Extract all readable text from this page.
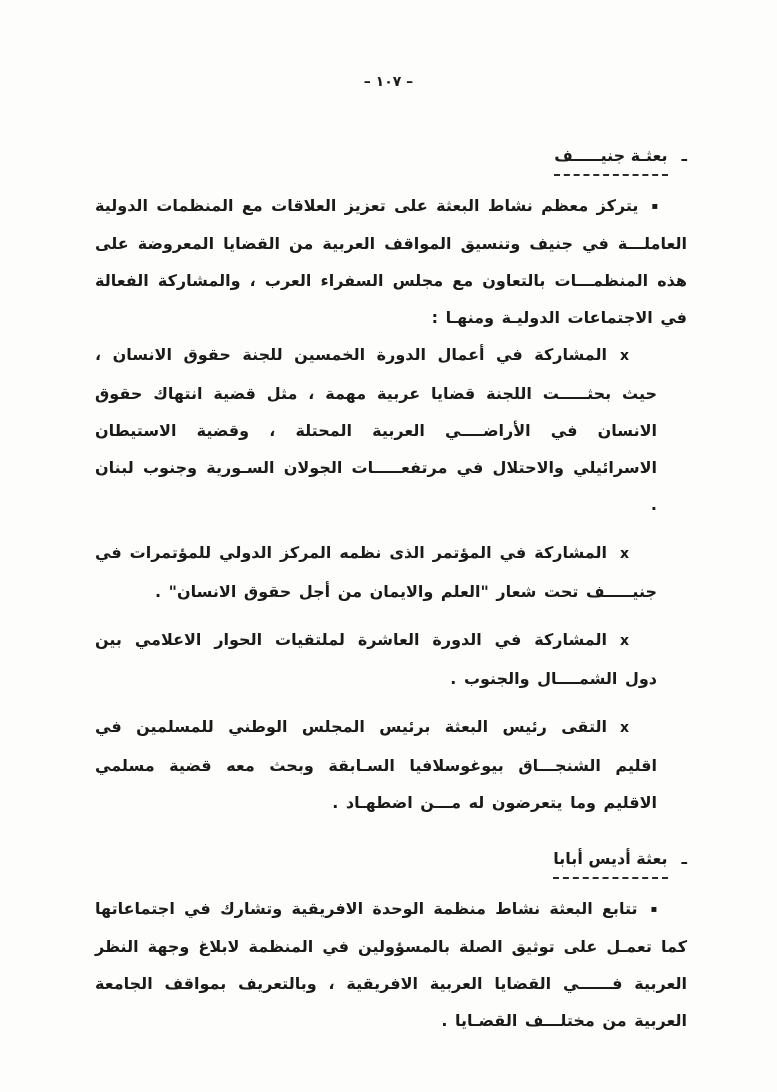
– ١٠٧ –
ـبعثـة جنيـــــف

▪يتركز معظم نشاط البعثة على تعزيز العلاقات مع المنظمات الدولية العاملـــة في جنيف وتنسيق المواقف العربية من القضايا المعروضة على هذه المنظمـــات بالتعاون مع مجلس السفراء العرب ، والمشاركة الفعالة في الاجتماعات الدوليـة ومنهـا :

xالمشاركة في أعمال الدورة الخمسين للجنة حقوق الانسان ، حيث بحثـــــت اللجنة قضايا عربية مهمة ، مثل قضية انتهاك حقوق الانسان في الأراضــــي العربية المحتلة ، وقضية الاستيطان الاسرائيلي والاحتلال في مرتفعـــــات الجولان السـورية وجنوب لبنان .

xالمشاركة في المؤتمر الذى نظمه المركز الدولي للمؤتمرات في جنيـــــف تحت شعار "العلم والايمان من أجل حقوق الانسان" .

xالمشاركة في الدورة العاشرة لملتقيات الحوار الاعلامي بين دول الشمــــال والجنوب .

xالتقى رئيس البعثة برئيس المجلس الوطني للمسلمين في اقليم الشنجـــاق بيوغوسلافيا السـابقة وبحث معه قضية مسلمي الاقليم وما يتعرضون له مـــن اضطهـاد .

ـبعثة أديس أبابا

▪تتابع البعثة نشاط منظمة الوحدة الافريقية وتشارك في اجتماعاتها كما تعمـل على توثيق الصلة بالمسؤولين في المنظمة لابلاغ وجهة النظر العربية فــــــي القضايا العربية الافريقية ، وبالتعريف بمواقف الجامعة العربية من مختلـــف القضـايا .
